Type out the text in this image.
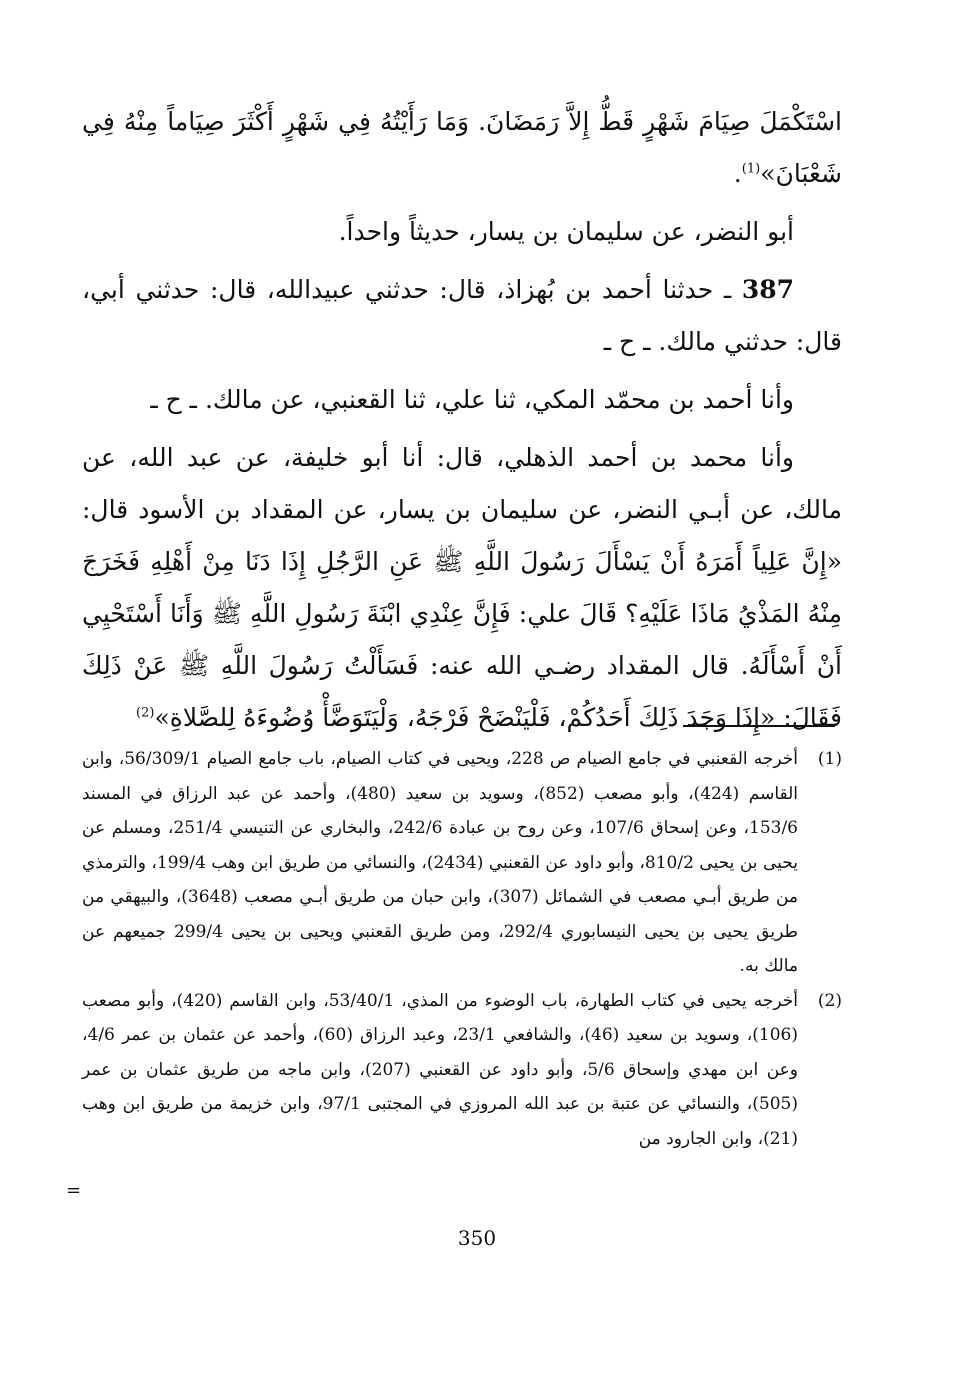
اسْتَكْمَلَ صِيَامَ شَهْرٍ قَطُّ إِلاَّ رَمَضَانَ. وَمَا رَأَيْتُهُ فِي شَهْرٍ أَكْثَرَ صِيَاماً مِنْهُ فِي شَعْبَانَ»$^{(1)}$.

أبو النضر، عن سليمان بن يسار، حديثاً واحداً.

387 ـ حدثنا أحمد بن بُهزاذ، قال: حدثني عبيدالله، قال: حدثني أبي، قال: حدثني مالك. ـ ح ـ

وأنا أحمد بن محمّد المكي، ثنا علي، ثنا القعنبي، عن مالك. ـ ح ـ

وأنا محمد بن أحمد الذهلي، قال: أنا أبو خليفة، عن عبد الله، عن مالك، عن أبـي النضر، عن سليمان بن يسار، عن المقداد بن الأسود قال: «إِنَّ عَلِياً أَمَرَهُ أَنْ يَسْأَلَ رَسُولَ اللَّهِ ﷺ عَنِ الرَّجُلِ إِذَا دَنَا مِنْ أَهْلِهِ فَخَرَجَ مِنْهُ المَذْيُ مَاذَا عَلَيْهِ؟ قَالَ علي: فَإِنَّ عِنْدِي ابْنَةَ رَسُولِ اللَّهِ ﷺ وَأَنَا أَسْتَحْيِي أَنْ أَسْأَلَهُ. قال المقداد رضـي الله عنه: فَسَأَلْتُ رَسُولَ اللَّهِ ﷺ عَنْ ذَلِكَ فَقَالَ: «إِذَا وَجَدَ ذَلِكَ أَحَدُكُمْ، فَلْيَنْضَحْ فَرْجَهُ، وَلْيَتَوَضَّأْ وُضُوءَهُ لِلصَّلاةِ»$^{(2)}$

(1)
أخرجه القعنبي في جامع الصيام ص 228، ويحيى في كتاب الصيام، باب جامع الصيام 56/309/1، وابن القاسم (424)، وأبو مصعب (852)، وسويد بن سعيد (480)، وأحمد عن عبد الرزاق في المسند 153/6، وعن إسحاق 107/6، وعن روح بن عبادة 242/6، والبخاري عن التنيسي 251/4، ومسلم عن يحيى بن يحيى 810/2، وأبو داود عن القعنبي (2434)، والنسائي من طريق ابن وهب 199/4، والترمذي من طريق أبـي مصعب في الشمائل (307)، وابن حبان من طريق أبـي مصعب (3648)، والبيهقي من طريق يحيى بن يحيى النيسابوري 292/4، ومن طريق القعنبي ويحيى بن يحيى 299/4 جميعهم عن مالك به.
(2)
أخرجه يحيى في كتاب الطهارة، باب الوضوء من المذي، 53/40/1، وابن القاسم (420)، وأبو مصعب (106)، وسويد بن سعيد (46)، والشافعي 23/1، وعبد الرزاق (60)، وأحمد عن عثمان بن عمر 4/6، وعن ابن مهدي وإسحاق 5/6، وأبو داود عن القعنبي (207)، وابن ماجه من طريق عثمان بن عمر (505)، والنسائي عن عتبة بن عبد الله المروزي في المجتبى 97/1، وابن خزيمة من طريق ابن وهب (21)، وابن الجارود من
=
350
